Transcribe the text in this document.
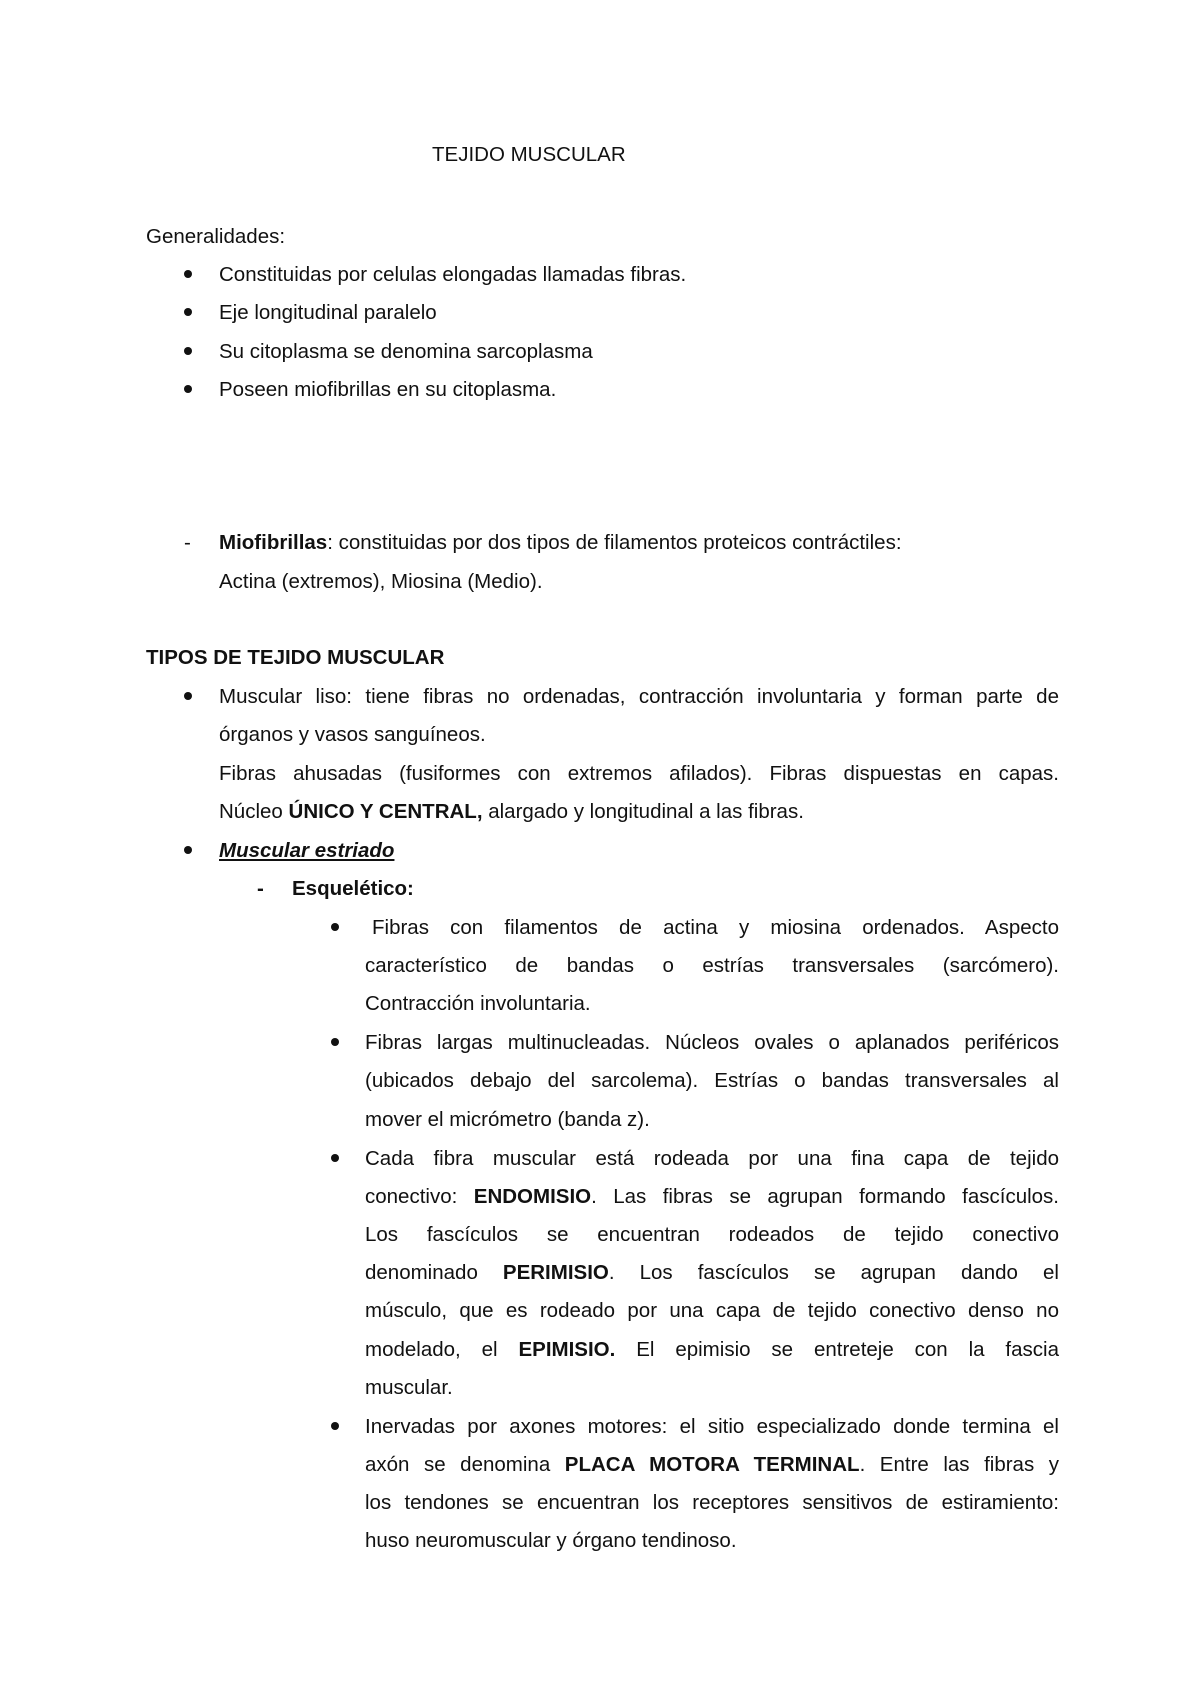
TEJIDO MUSCULAR
Generalidades:
Constituidas por celulas elongadas llamadas fibras.
Eje longitudinal paralelo
Su citoplasma se denomina sarcoplasma
Poseen miofibrillas en su citoplasma.
- Miofibrillas: constituidas por dos tipos de filamentos proteicos contráctiles:
Actina (extremos), Miosina (Medio).
TIPOS DE TEJIDO MUSCULAR
Muscular liso: tiene fibras no ordenadas, contracción involuntaria y forman parte de
órganos y vasos sanguíneos.
Fibras ahusadas (fusiformes con extremos afilados). Fibras dispuestas en capas.
Núcleo ÚNICO Y CENTRAL, alargado y longitudinal a las fibras.
Muscular estriado
- Esquelético:
Fibras con filamentos de actina y miosina ordenados. Aspecto
característico de bandas o estrías transversales (sarcómero).
Contracción involuntaria.
Fibras largas multinucleadas. Núcleos ovales o aplanados periféricos
(ubicados debajo del sarcolema). Estrías o bandas transversales al
mover el micrómetro (banda z).
Cada fibra muscular está rodeada por una fina capa de tejido
conectivo: ENDOMISIO. Las fibras se agrupan formando fascículos.
Los fascículos se encuentran rodeados de tejido conectivo
denominado PERIMISIO. Los fascículos se agrupan dando el
músculo, que es rodeado por una capa de tejido conectivo denso no
modelado, el EPIMISIO. El epimisio se entreteje con la fascia
muscular.
Inervadas por axones motores: el sitio especializado donde termina el
axón se denomina PLACA MOTORA TERMINAL. Entre las fibras y
los tendones se encuentran los receptores sensitivos de estiramiento:
huso neuromuscular y órgano tendinoso.
